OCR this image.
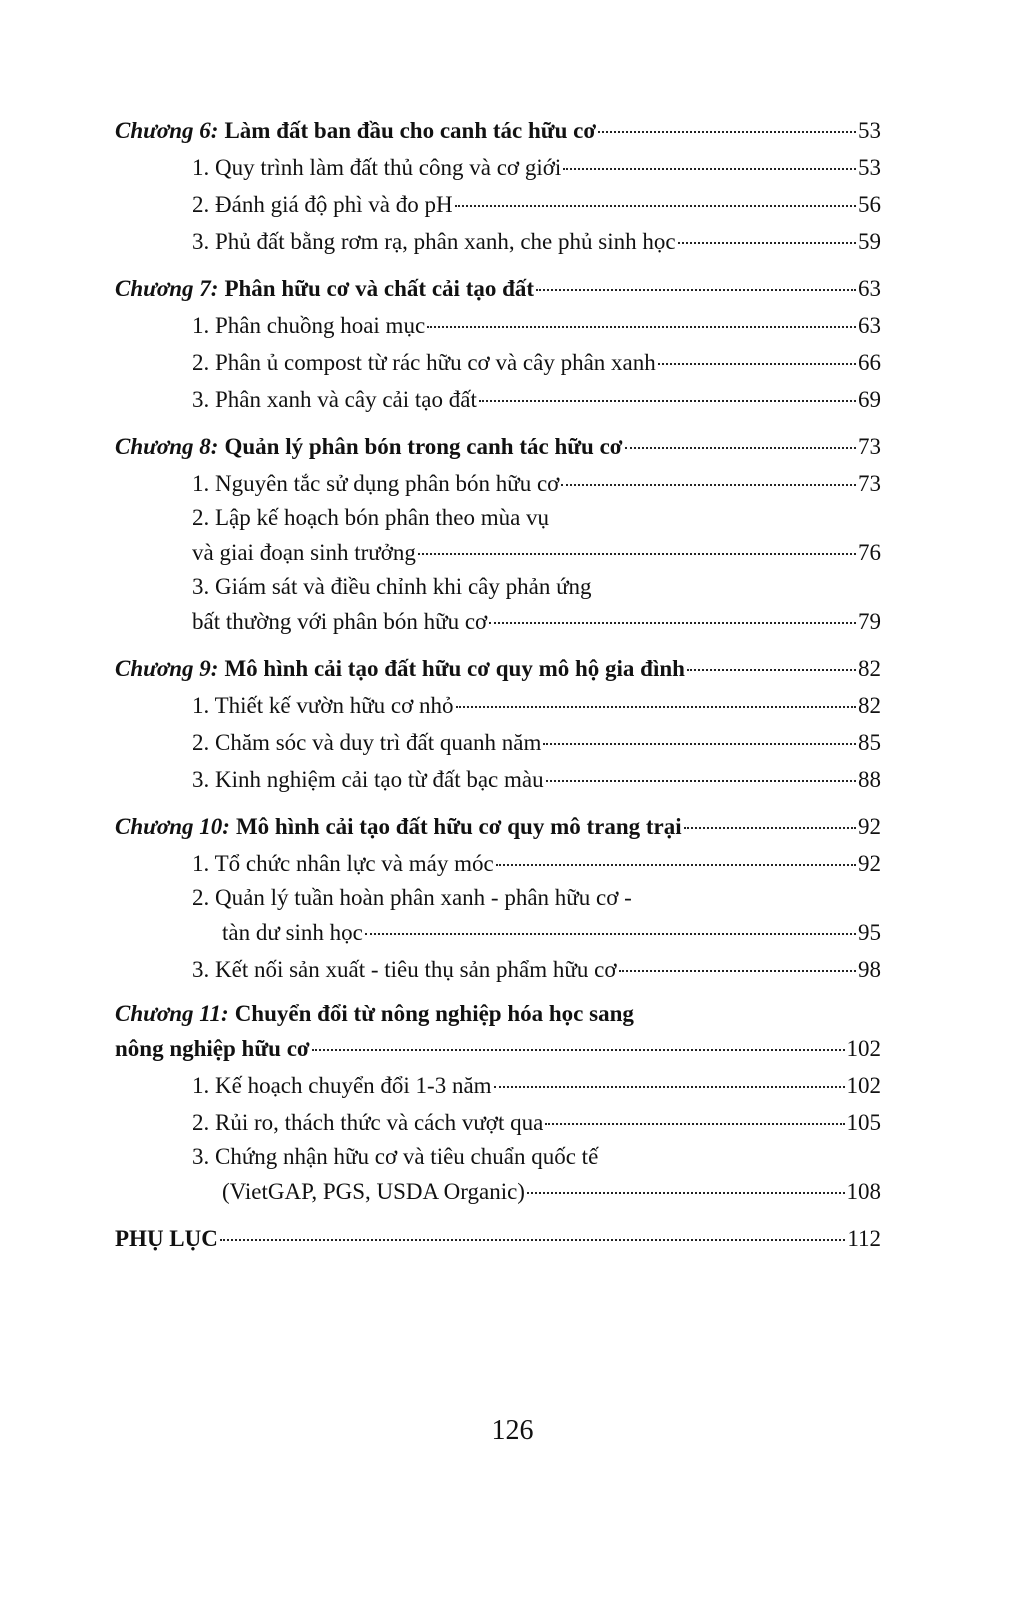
Chương 6: Làm đất ban đầu cho canh tác hữu cơ	53
1. Quy trình làm đất thủ công và cơ giới	53
2. Đánh giá độ phì và đo pH	56
3. Phủ đất bằng rơm rạ, phân xanh, che phủ sinh học	59
Chương 7: Phân hữu cơ và chất cải tạo đất	63
1. Phân chuồng hoai mục	63
2. Phân ủ compost từ rác hữu cơ và cây phân xanh	66
3. Phân xanh và cây cải tạo đất	69
Chương 8: Quản lý phân bón trong canh tác hữu cơ	73
1. Nguyên tắc sử dụng phân bón hữu cơ	73
2. Lập kế hoạch bón phân theo mùa vụ
và giai đoạn sinh trưởng	76
3. Giám sát và điều chỉnh khi cây phản ứng
bất thường với phân bón hữu cơ	79
Chương 9: Mô hình cải tạo đất hữu cơ quy mô hộ gia đình	82
1. Thiết kế vườn hữu cơ nhỏ	82
2. Chăm sóc và duy trì đất quanh năm	85
3. Kinh nghiệm cải tạo từ đất bạc màu	88
Chương 10: Mô hình cải tạo đất hữu cơ quy mô trang trại	92
1. Tổ chức nhân lực và máy móc	92
2. Quản lý tuần hoàn phân xanh - phân hữu cơ -
tàn dư sinh học	95
3. Kết nối sản xuất - tiêu thụ sản phẩm hữu cơ	98
Chương 11: Chuyển đổi từ nông nghiệp hóa học sang
nông nghiệp hữu cơ	102
1. Kế hoạch chuyển đổi 1-3 năm	102
2. Rủi ro, thách thức và cách vượt qua	105
3. Chứng nhận hữu cơ và tiêu chuẩn quốc tế
(VietGAP, PGS, USDA Organic)	108
PHỤ LỤC	112
126
